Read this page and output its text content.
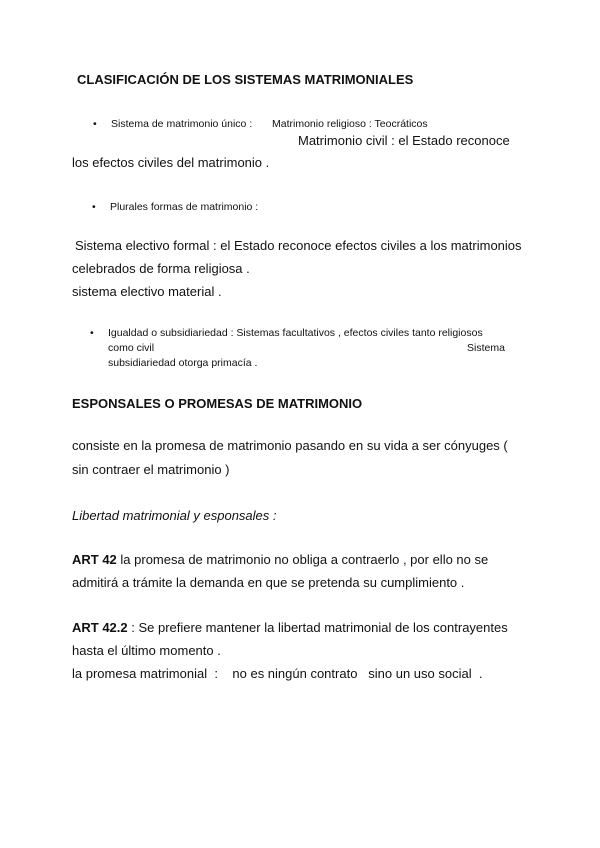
CLASIFICACIÓN DE LOS SISTEMAS MATRIMONIALES
• Sistema de matrimonio único : Matrimonio religioso : Teocráticos
Matrimonio civil : el Estado reconoce
los efectos civiles del matrimonio .
• Plurales formas de matrimonio :
Sistema electivo formal : el Estado reconoce efectos civiles a los matrimonios
celebrados de forma religiosa .
sistema electivo material .
• Igualdad o subsidiariedad : Sistemas facultativos , efectos civiles tanto religiosos
como civil	Sistema
subsidiariedad otorga primacía .
ESPONSALES O PROMESAS DE MATRIMONIO
consiste en la promesa de matrimonio pasando en su vida a ser cónyuges (
sin contraer el matrimonio )
Libertad matrimonial y esponsales :
ART 42 la promesa de matrimonio no obliga a contraerlo , por ello no se
admitirá a trámite la demanda en que se pretenda su cumplimiento .
ART 42.2 : Se prefiere mantener la libertad matrimonial de los contrayentes
hasta el último momento .
la promesa matrimonial  :    no es ningún contrato   sino un uso social  .
